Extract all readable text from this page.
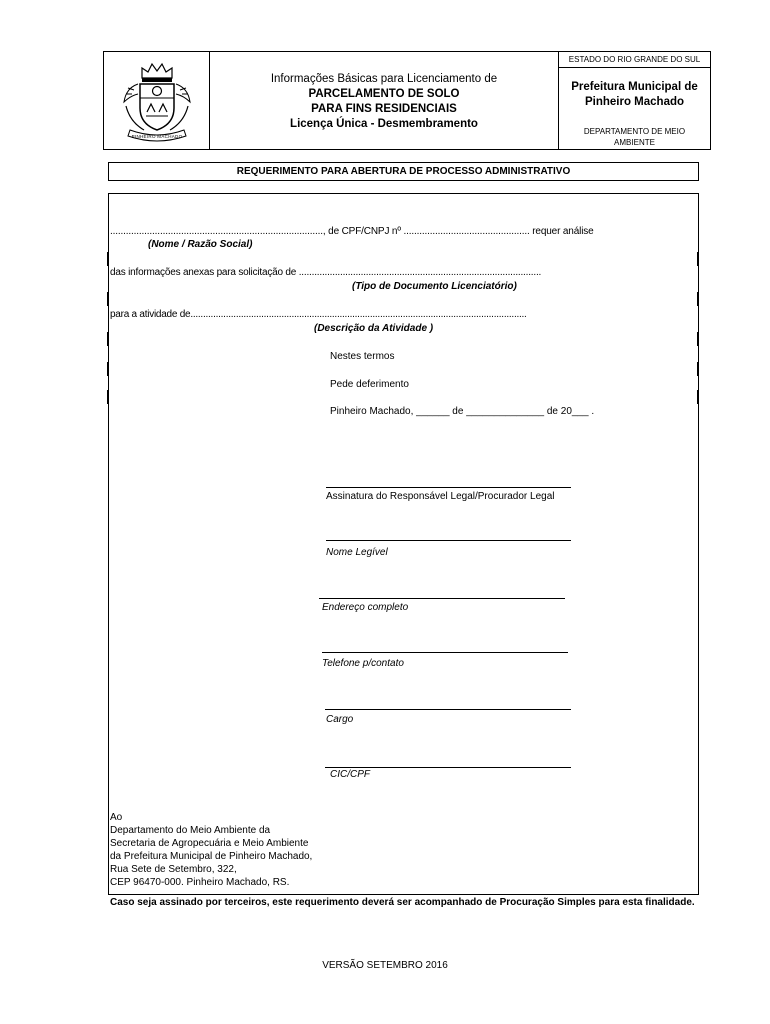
PINHEIRO MACHADO
Informações Básicas para Licenciamento de
PARCELAMENTO DE SOLO
PARA FINS RESIDENCIAIS
Licença Única - Desmembramento
ESTADO DO RIO GRANDE DO SUL
Prefeitura Municipal de
Pinheiro Machado
DEPARTAMENTO DE MEIO
AMBIENTE
REQUERIMENTO PARA ABERTURA DE PROCESSO ADMINISTRATIVO
................................................................................., de CPF/CNPJ nº ................................................ requer análise
(Nome / Razão Social)
das informações anexas para solicitação de ..............................................................................................
(Tipo de Documento Licenciatório)
para a atividade de.....................................................................................................................................
(Descrição da Atividade )
Nestes termos
Pede deferimento
Pinheiro Machado, ______ de ______________ de 20___ .
Assinatura do Responsável Legal/Procurador Legal
Nome Legível
Endereço completo
Telefone p/contato
Cargo
CIC/CPF
Ao
Departamento do Meio Ambiente da
Secretaria de Agropecuária e Meio Ambiente
da Prefeitura Municipal de Pinheiro Machado,
Rua Sete de Setembro, 322,
CEP 96470-000. Pinheiro Machado, RS.
Caso seja assinado por terceiros, este requerimento deverá ser acompanhado de Procuração Simples para esta finalidade.
VERSÃO SETEMBRO 2016
